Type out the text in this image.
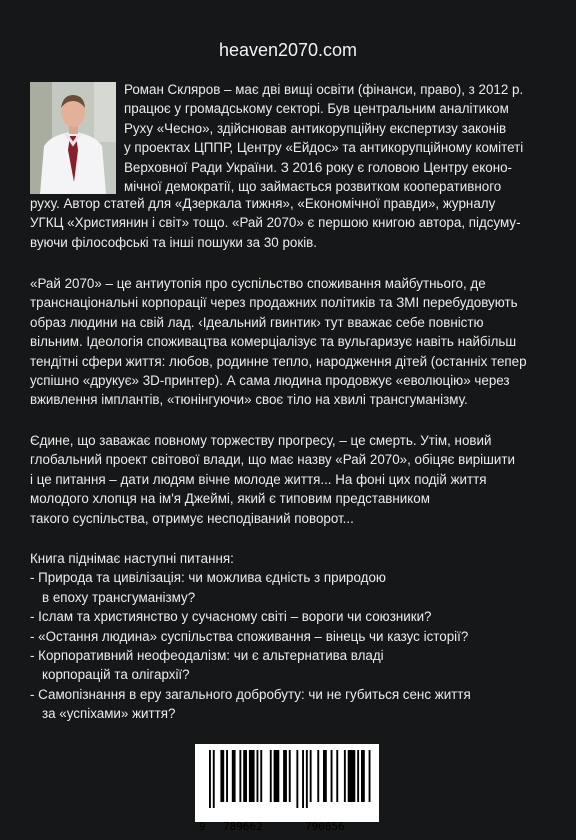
heaven2070.com
Роман Скляров – має дві вищі освіти (фінанси, право), з 2012 р.
працює у громадському секторі. Був центральним аналітиком
Руху «Чесно», здійснював антикорупційну експертизу законів
у проектах ЦППР, Центру «Ейдос» та антикорупційному комітеті
Верховної Ради України. З 2016 року є головою Центру еконо-
мічної демократії, що займається розвитком кооперативного
руху. Автор статей для «Дзеркала тижня», «Економічної правди», журналу
УГКЦ «Християнин і світ» тощо. «Рай 2070» є першою книгою автора, підсуму-
вуючи філософські та інші пошуки за 30 років.
«Рай 2070» – це антиутопія про суспільство споживання майбутнього, де
транснаціональні корпорації через продажних політиків та ЗМІ перебудовують
образ людини на свій лад. ‹Ідеальний гвинтик› тут вважає себе повністю
вільним. Ідеологія споживацтва комерціалізує та вульгаризує навіть найбільш
тендітні сфери життя: любов, родинне тепло, народження дітей (останніх тепер
успішно «друкує» 3D-принтер). А сама людина продовжує «еволюцію» через
вживлення імплантів, «тюнінгуючи» своє тіло на хвилі трансгуманізму.
Єдине, що заважає повному торжеству прогресу, – це смерть. Утім, новий
глобальний проект світової влади, що має назву «Рай 2070», обіцяє вирішити
і це питання – дати людям вічне молоде життя... На фоні цих подій життя
молодого хлопця на ім'я Джеймі, який є типовим представником
такого суспільства, отримує несподіваний поворот...
Книга піднімає наступні питання:
- Природа та цивілізація: чи можлива єдність з природою
в епоху трансгуманізму?
- Іслам та християнство у сучасному світі – вороги чи союзники?
- «Остання людина» суспільства споживання – вінець чи казус історії?
- Корпоративний неофеодалізм: чи є альтернатива владі
корпорацій та олігархії?
- Самопізнання в еру загального добробуту: чи не губиться сенс життя
за «успіхами» життя?
9 789662	790856
